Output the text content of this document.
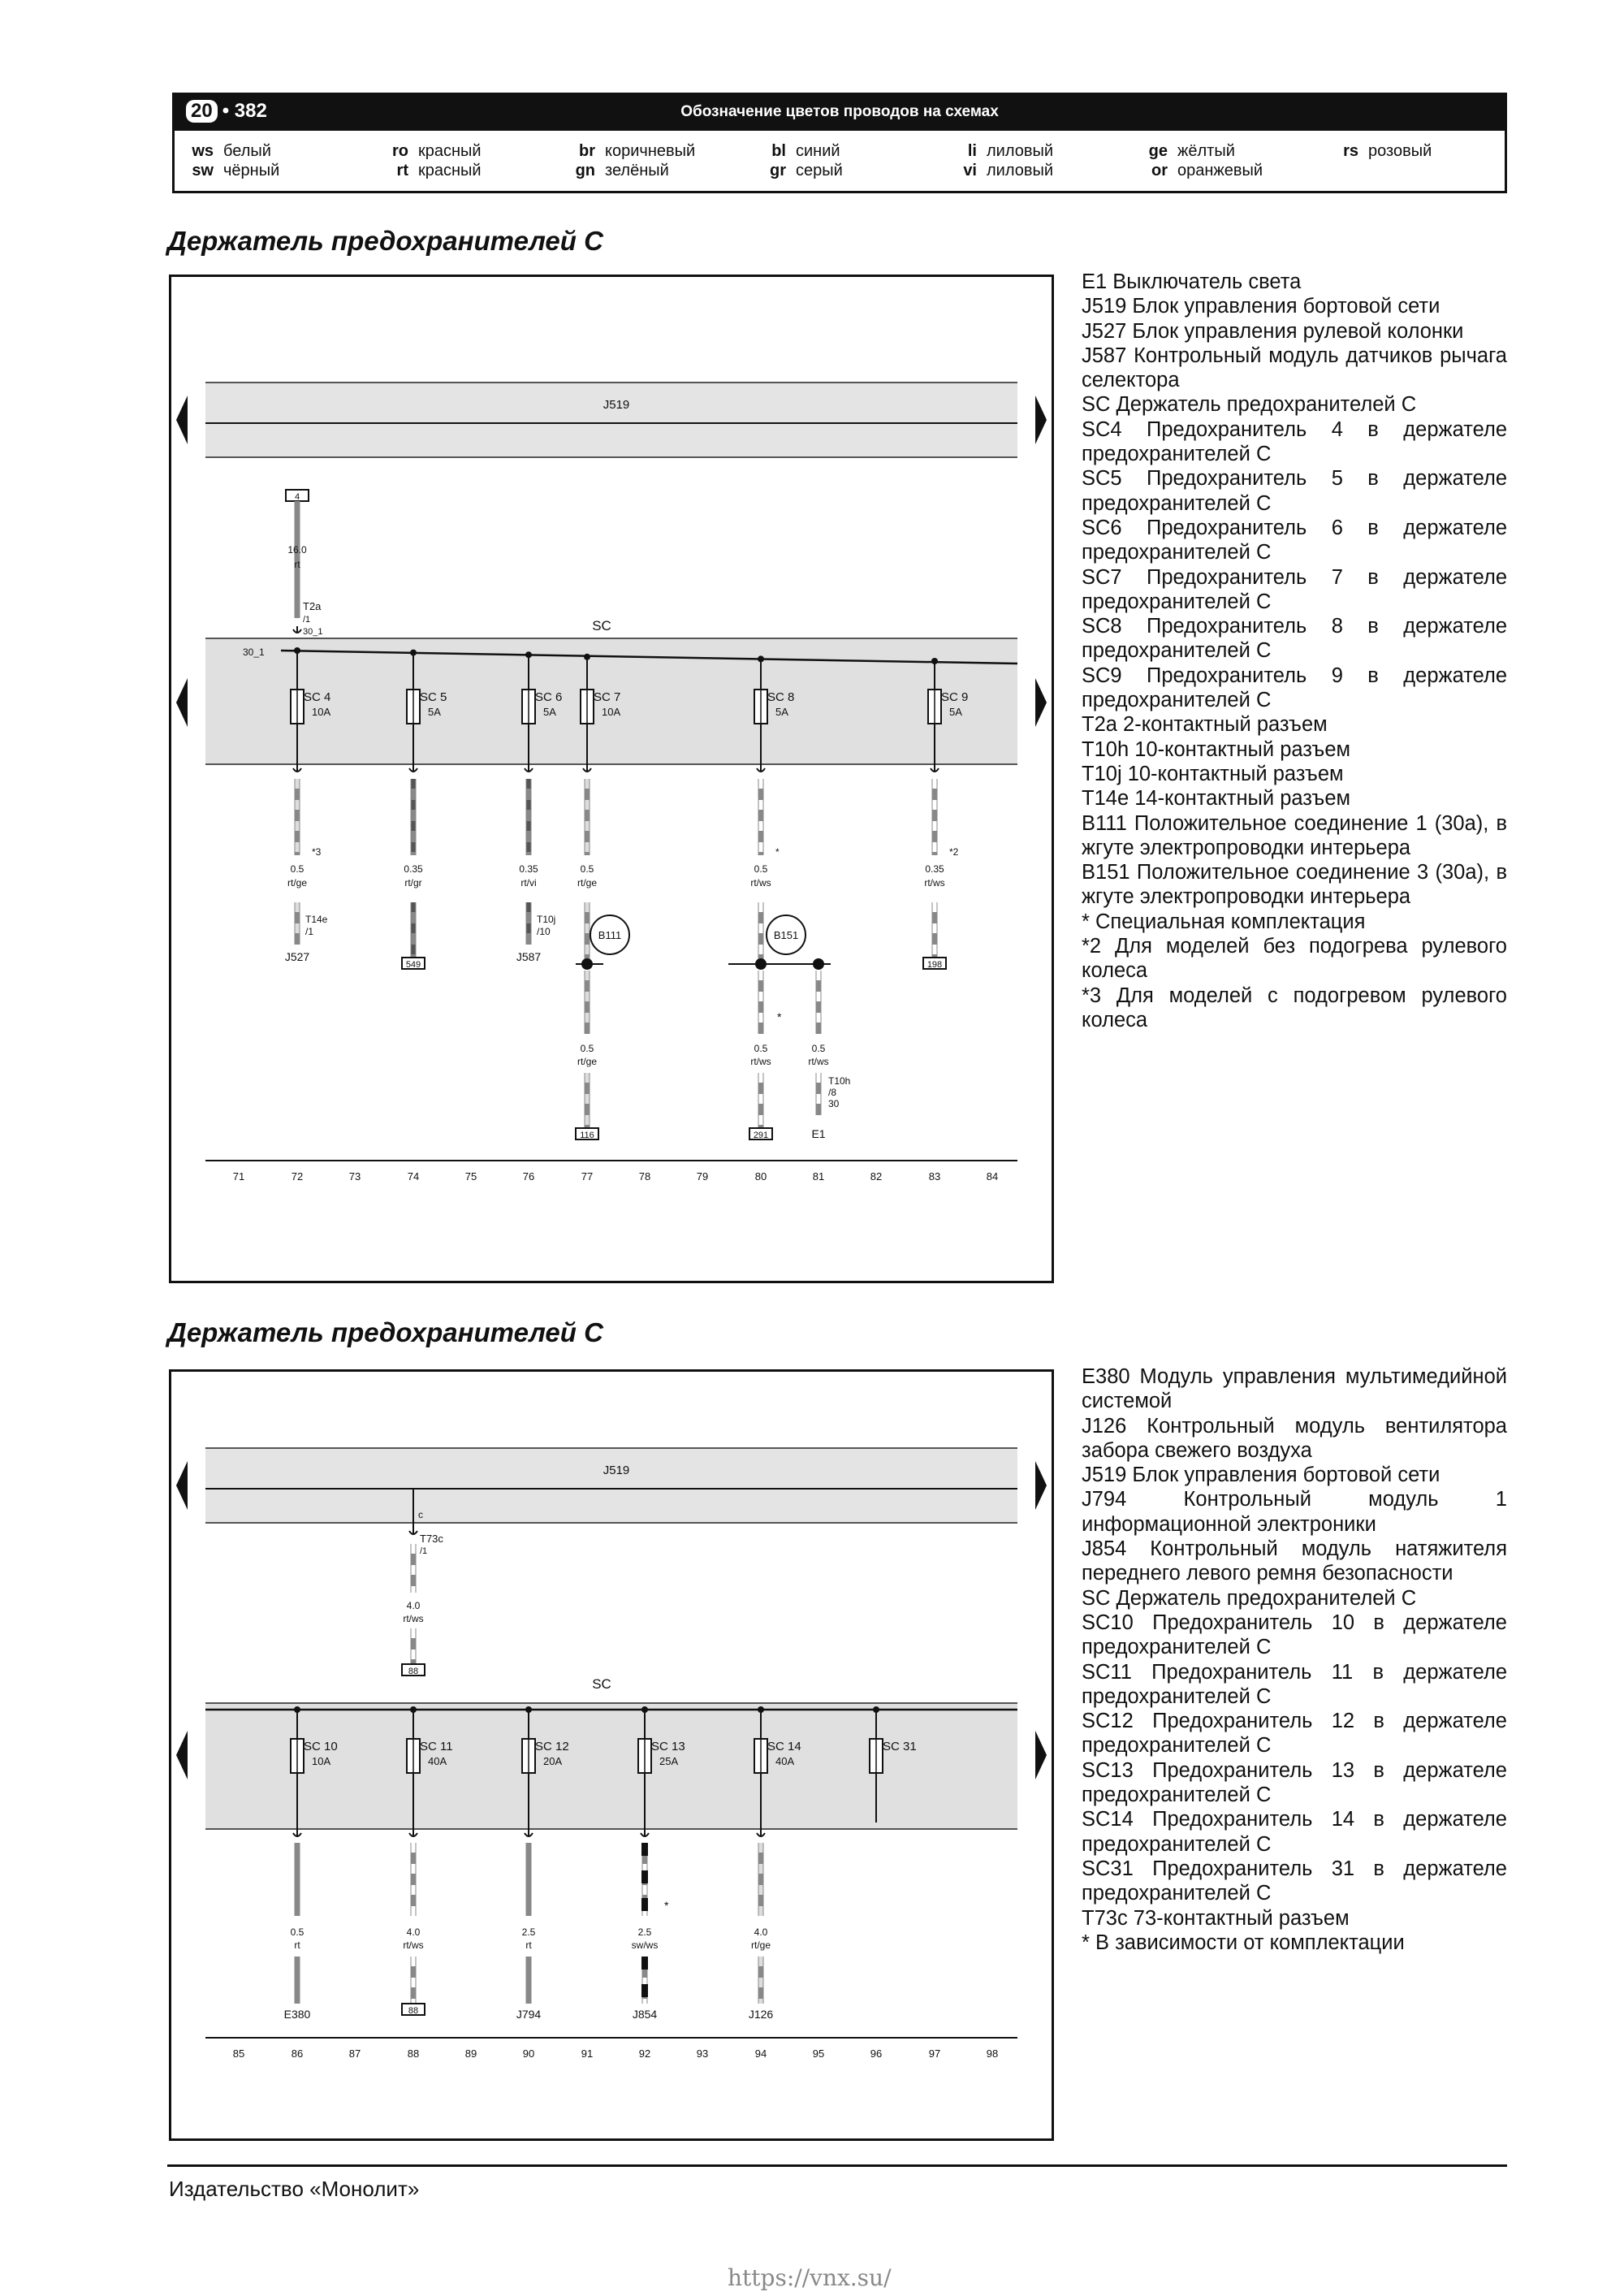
20 • 382	Обозначение цветов проводов на схемах
ws белый
sw чёрный
ro красный
rt красный
br коричневый
gn зелёный
bl синий
gr серый
li лиловый
vi лиловый
ge жёлтый
or оранжевый
rs розовый
Держатель предохранителей C
J519
SC
4
16.0
rt
T2a
/1
30_1
30_1
SC 4
10A
SC 5
5A
SC 6
5A
SC 7
10A
SC 8
5A
SC 9
5A
0.5
rt/ge
*3
T14e
/1
J527
0.35
rt/gr
549
0.35
rt/vi
T10j
/10
J587
0.5
rt/ge
0.5
rt/ge
116
0.5
rt/ws
*
0.5
rt/ws
291
0.35
rt/ws
*2
198
B111	B151
*
0.5
rt/ws
T10h
/8
30
E1
71	72	73	74	75	76	77	78	79	80	81	82	83	84
E1 Выключатель света
J519 Блок управления бортовой сети
J527 Блок управления рулевой колонки
J587 Контрольный модуль датчиков рычага селектора
SC Держатель предохранителей C
SC4 Предохранитель 4 в держателе предохранителей C
SC5 Предохранитель 5 в держателе предохранителей C
SC6 Предохранитель 6 в держателе предохранителей C
SC7 Предохранитель 7 в держателе предохранителей C
SC8 Предохранитель 8 в держателе предохранителей C
SC9 Предохранитель 9 в держателе предохранителей C
T2a 2-контактный разъем
T10h 10-контактный разъем
T10j 10-контактный разъем
T14e 14-контактный разъем
B111 Положительное соединение 1 (30a), в жгуте электропроводки интерьера
B151 Положительное соединение 3 (30a), в жгуте электропроводки интерьера
* Специальная комплектация
*2 Для моделей без подогрева рулевого колеса
*3 Для моделей с подогревом рулевого колеса
Держатель предохранителей C
J519
c
T73c
/1
4.0
rt/ws
88
SC
SC 10
10A
SC 11
40A
SC 12
20A
SC 13
25A
SC 14
40A
SC 31
0.5
rt
E380
4.0
rt/ws
88
2.5
rt
J794
2.5
sw/ws
*
J854
4.0
rt/ge
J126
85	86	87	88	89	90	91	92	93	94	95	96	97	98
E380 Модуль управления мультимедийной системой
J126 Контрольный модуль вентилятора забора свежего воздуха
J519 Блок управления бортовой сети
J794 Контрольный модуль 1 информационной электроники
J854 Контрольный модуль натяжителя переднего левого ремня безопасности
SC Держатель предохранителей C
SC10 Предохранитель 10 в держателе предохранителей C
SC11 Предохранитель 11 в держателе предохранителей C
SC12 Предохранитель 12 в держателе предохранителей C
SC13 Предохранитель 13 в держателе предохранителей C
SC14 Предохранитель 14 в держателе предохранителей C
SC31 Предохранитель 31 в держателе предохранителей C
T73c 73-контактный разъем
* В зависимости от комплектации
Издательство «Монолит»
https://vnx.su/
